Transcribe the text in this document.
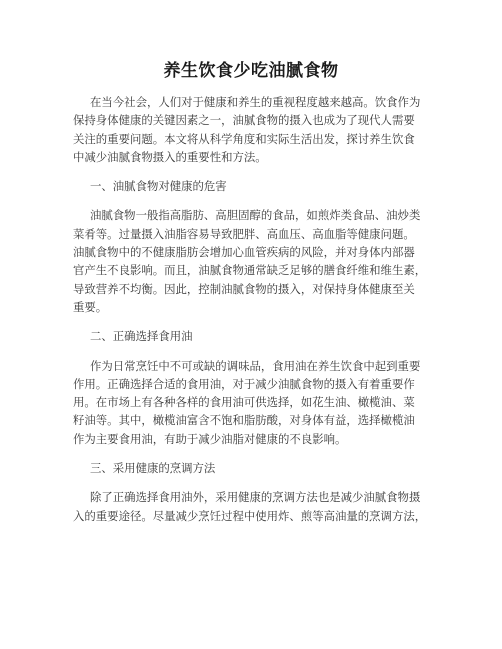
养生饮食少吃油腻食物
在当今社会，人们对于健康和养生的重视程度越来越高。饮食作为
保持身体健康的关键因素之一，油腻食物的摄入也成为了现代人需要
关注的重要问题。本文将从科学角度和实际生活出发，探讨养生饮食
中减少油腻食物摄入的重要性和方法。
一、油腻食物对健康的危害
油腻食物一般指高脂肪、高胆固醇的食品，如煎炸类食品、油炒类
菜肴等。过量摄入油脂容易导致肥胖、高血压、高血脂等健康问题。
油腻食物中的不健康脂肪会增加心血管疾病的风险，并对身体内部器
官产生不良影响。而且，油腻食物通常缺乏足够的膳食纤维和维生素，
导致营养不均衡。因此，控制油腻食物的摄入，对保持身体健康至关
重要。
二、正确选择食用油
作为日常烹饪中不可或缺的调味品，食用油在养生饮食中起到重要
作用。正确选择合适的食用油，对于减少油腻食物的摄入有着重要作
用。在市场上有各种各样的食用油可供选择，如花生油、橄榄油、菜
籽油等。其中，橄榄油富含不饱和脂肪酸，对身体有益，选择橄榄油
作为主要食用油，有助于减少油脂对健康的不良影响。
三、采用健康的烹调方法
除了正确选择食用油外，采用健康的烹调方法也是减少油腻食物摄
入的重要途径。尽量减少烹饪过程中使用炸、煎等高油量的烹调方法，
